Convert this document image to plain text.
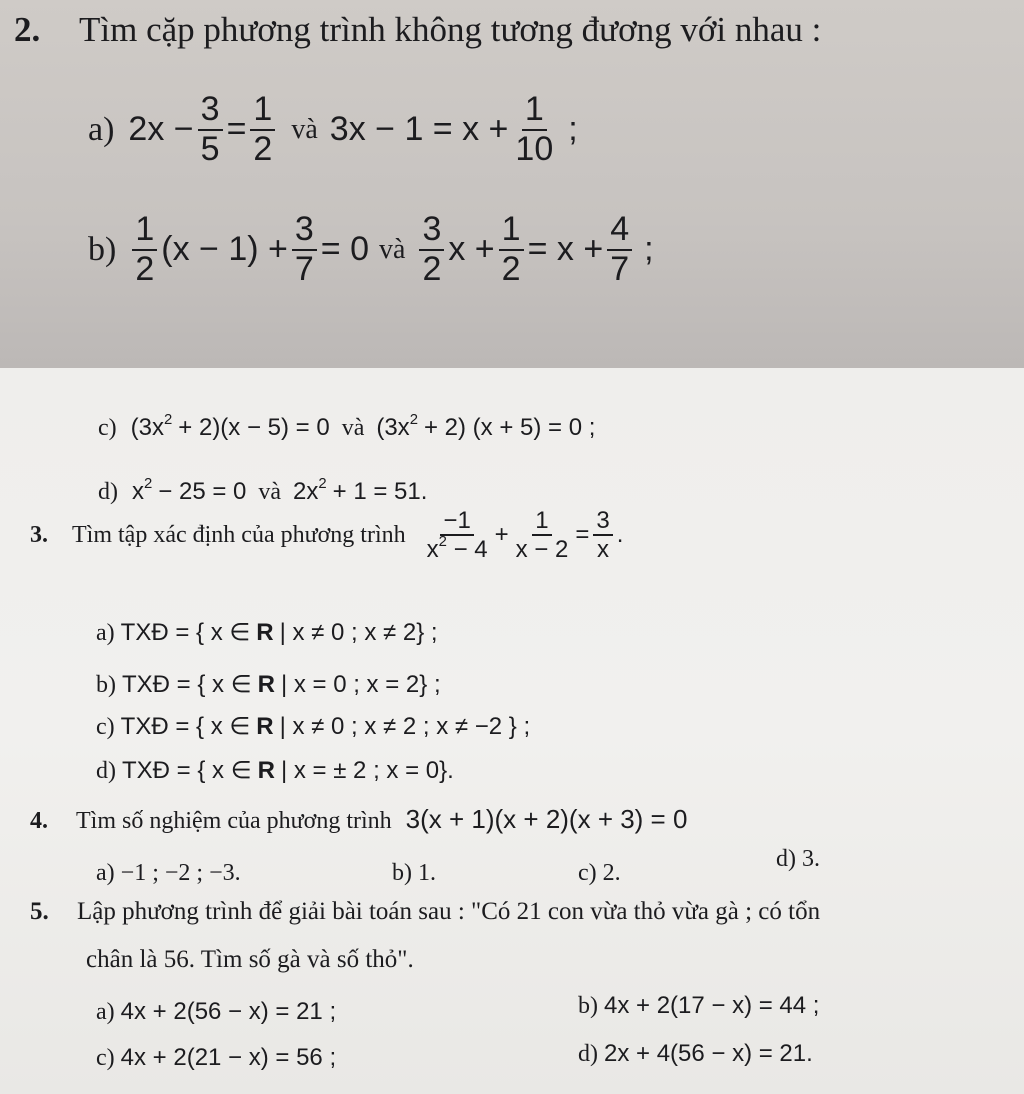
2. Tìm cặp phương trình không tương đương với nhau :
a) $2x - \frac{3}{5} = \frac{1}{2}$ và $3x - 1 = x + \frac{1}{10}$ ;
$b) \frac{1}{2} (x - 1) + \frac{3}{7} = 0$ và $\frac{3}{2}$ $x + \frac{1}{2} = x + \frac{4}{7}$ ;
c) $(3x^2 + 2)(x - 5) = 0$ và $(3x^2 + 2) (x + 5) = 0$ ;
d) $x^2 - 25 = 0$ và $2x^2 + 1 = 51$.
3. Tìm tập xác định của phương trình $\frac{-1}{x^2 - 4} + \frac{1}{x - 2} = \frac{3}{x}$ .
a) TXĐ = { x ∈ R | x ≠ 0 ; x ≠ 2} ;
b) TXĐ = { x ∈ R | x = 0 ; x = 2} ;
c) TXĐ = { x ∈ R | x ≠ 0 ; x ≠ 2 ; x ≠ −2 } ;
d) TXĐ = { x ∈ R | x = ± 2 ; x = 0}.
4. Tìm số nghiệm của phương trình 3(x + 1)(x + 2)(x + 3) = 0
a) −1 ; −2 ; −3.	b) 1.	c) 2.
d) 3.
5. Lập phương trình để giải bài toán sau : "Có 21 con vừa thỏ vừa gà ; có tổn
chân là 56. Tìm số gà và số thỏ".
a) 4x + 2(56 − x) = 21 ;	b) 4x + 2(17 − x) = 44 ;
c) 4x + 2(21 − x) = 56 ;	d) 2x + 4(56 − x) = 21.
